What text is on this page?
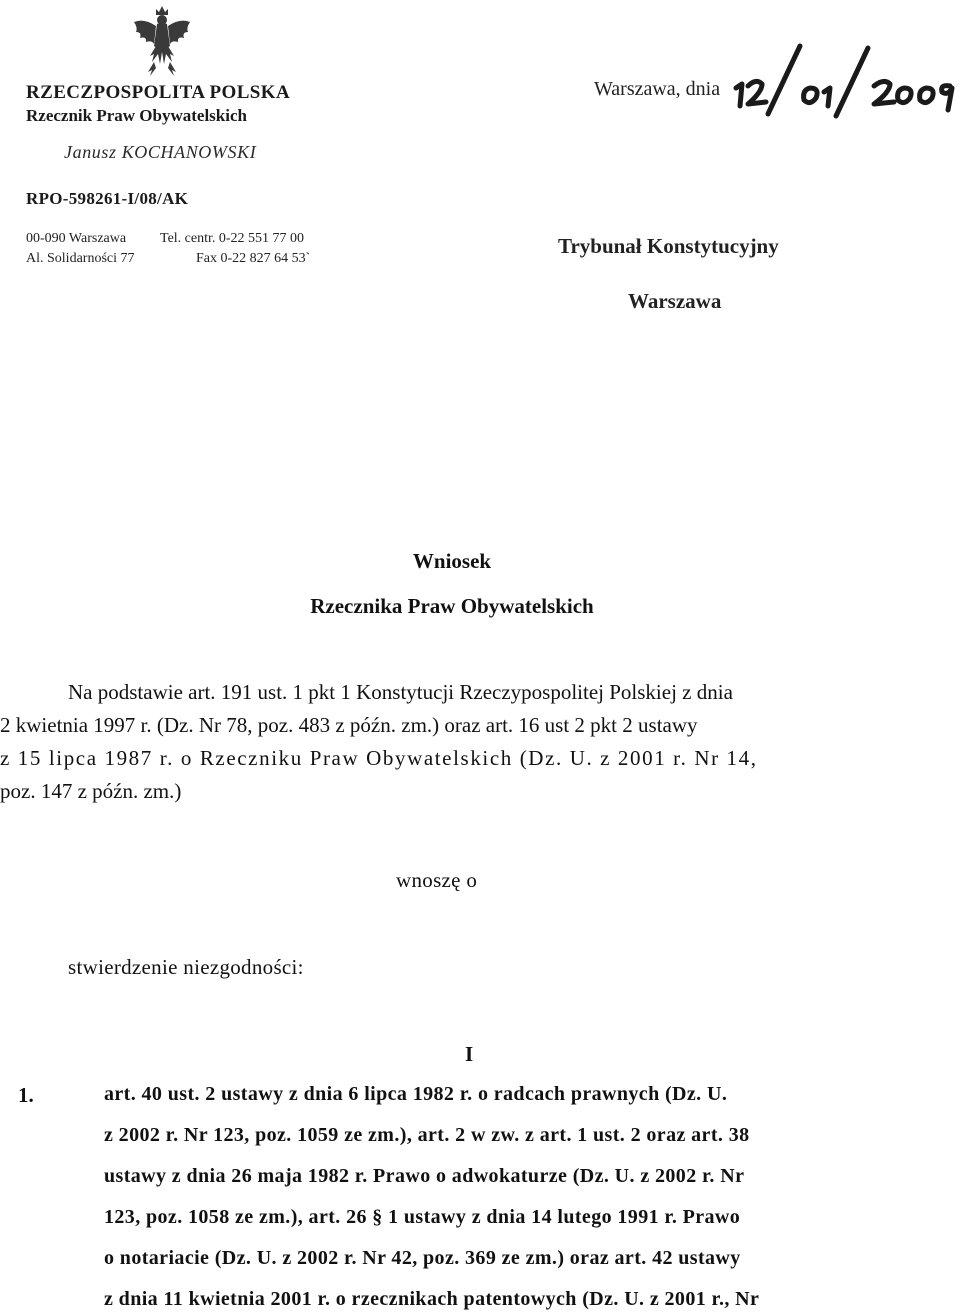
RZECZPOSPOLITA POLSKA
Rzecznik Praw Obywatelskich
Janusz KOCHANOWSKI
RPO-598261-I/08/AK
00-090 Warszawa
Al. Solidarności 77
Tel. centr. 0-22 551 77 00
Fax 0-22 827 64 53`
Warszawa, dnia
Trybunał Konstytucyjny
Warszawa
Wniosek
Rzecznika Praw Obywatelskich
Na podstawie art. 191 ust. 1 pkt 1 Konstytucji Rzeczypospolitej Polskiej z dnia
2 kwietnia 1997 r. (Dz. Nr 78, poz. 483 z późn. zm.) oraz art. 16 ust 2 pkt 2 ustawy
z 15 lipca 1987 r. o Rzeczniku Praw Obywatelskich (Dz. U. z 2001 r. Nr 14,
poz. 147 z późn. zm.)
wnoszę o
stwierdzenie niezgodności:
I
1.	art. 40 ust. 2 ustawy z dnia 6 lipca 1982 r. o radcach prawnych (Dz. U.
z 2002 r. Nr 123, poz. 1059 ze zm.), art. 2 w zw. z art. 1 ust. 2 oraz art. 38
ustawy z dnia 26 maja 1982 r. Prawo o adwokaturze (Dz. U. z 2002 r. Nr
123, poz. 1058 ze zm.), art. 26 § 1 ustawy z dnia 14 lutego 1991 r. Prawo
o notariacie (Dz. U. z 2002 r. Nr 42, poz. 369 ze zm.) oraz art. 42 ustawy
z dnia 11 kwietnia 2001 r. o rzecznikach patentowych (Dz. U. z 2001 r., Nr
